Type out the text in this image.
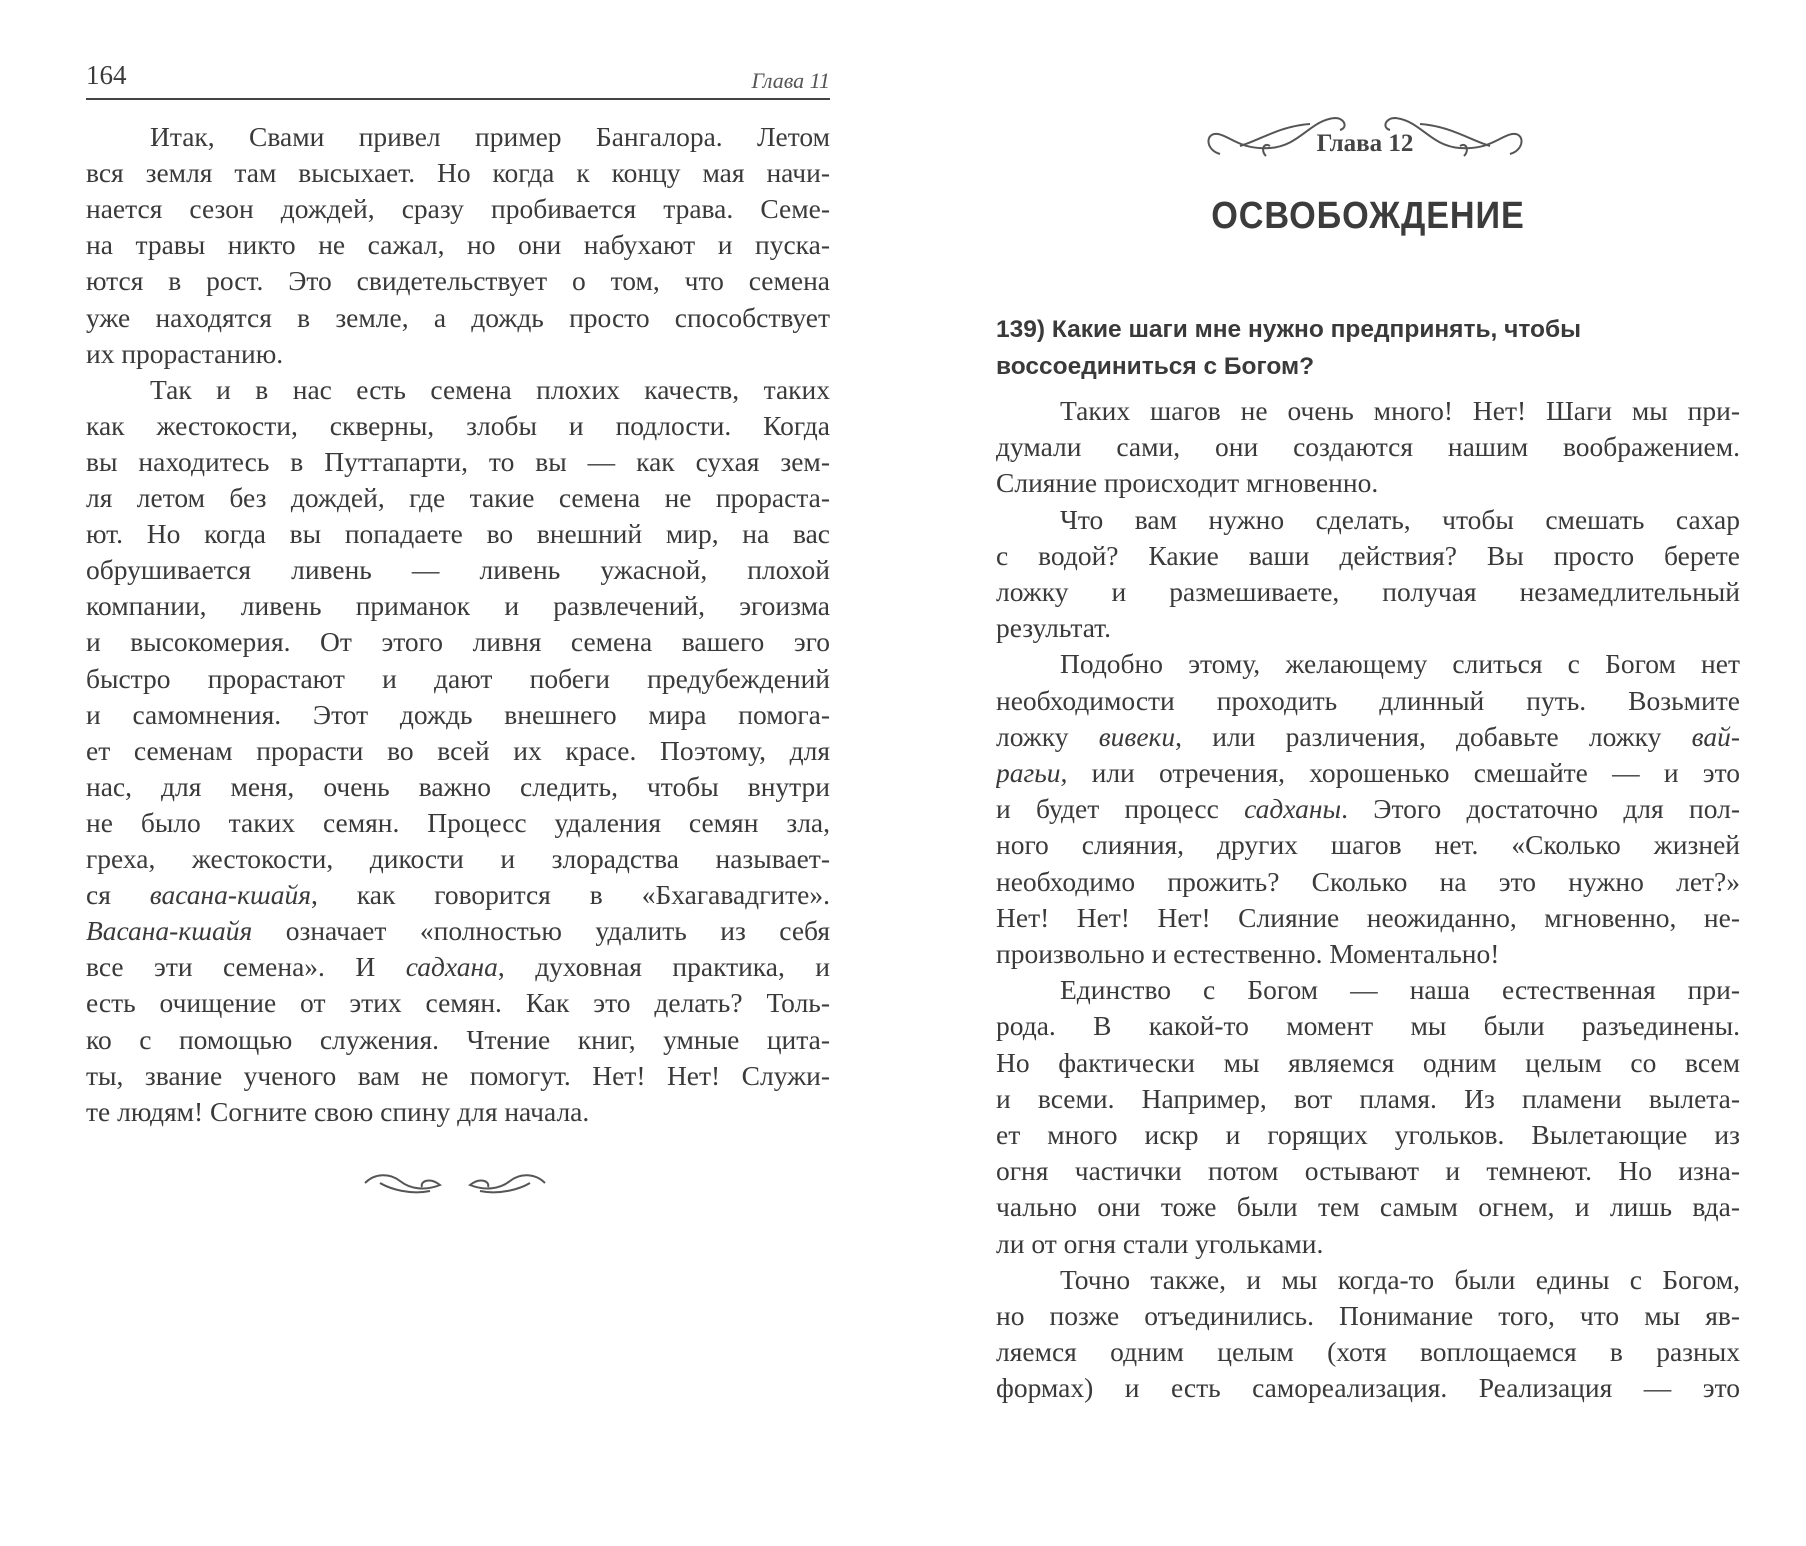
164	Глава 11
Итак, Свами привел пример Бангалора. Летом
вся земля там высыхает. Но когда к концу мая начи-
нается сезон дождей, сразу пробивается трава. Семе-
на травы никто не сажал, но они набухают и пуска-
ются в рост. Это свидетельствует о том, что семена
уже находятся в земле, а дождь просто способствует
их прорастанию.
Так и в нас есть семена плохих качеств, таких
как жестокости, скверны, злобы и подлости. Когда
вы находитесь в Путтапарти, то вы — как сухая зем-
ля летом без дождей, где такие семена не прораста-
ют. Но когда вы попадаете во внешний мир, на вас
обрушивается ливень — ливень ужасной, плохой
компании, ливень приманок и развлечений, эгоизма
и высокомерия. От этого ливня семена вашего эго
быстро прорастают и дают побеги предубеждений
и самомнения. Этот дождь внешнего мира помога-
ет семенам прорасти во всей их красе. Поэтому, для
нас, для меня, очень важно следить, чтобы внутри
не было таких семян. Процесс удаления семян зла,
греха, жестокости, дикости и злорадства называет-
ся васана-кшайя, как говорится в «Бхагавадгите».
Васана-кшайя означает «полностью удалить из себя
все эти семена». И садхана, духовная практика, и
есть очищение от этих семян. Как это делать? Толь-
ко с помощью служения. Чтение книг, умные цита-
ты, звание ученого вам не помогут. Нет! Нет! Служи-
те людям! Согните свою спину для начала.
Глава 12
ОСВОБОЖДЕНИЕ
139) Какие шаги мне нужно предпринять, чтобы
воссоединиться с Богом?
Таких шагов не очень много! Нет! Шаги мы при-
думали сами, они создаются нашим воображением.
Слияние происходит мгновенно.
Что вам нужно сделать, чтобы смешать сахар
с водой? Какие ваши действия? Вы просто берете
ложку и размешиваете, получая незамедлительный
результат.
Подобно этому, желающему слиться с Богом нет
необходимости проходить длинный путь. Возьмите
ложку вивеки, или различения, добавьте ложку вай-
рагьи, или отречения, хорошенько смешайте — и это
и будет процесс садханы. Этого достаточно для пол-
ного слияния, других шагов нет. «Сколько жизней
необходимо прожить? Сколько на это нужно лет?»
Нет! Нет! Нет! Слияние неожиданно, мгновенно, не-
произвольно и естественно. Моментально!
Единство с Богом — наша естественная при-
рода. В какой-то момент мы были разъединены.
Но фактически мы являемся одним целым со всем
и всеми. Например, вот пламя. Из пламени вылета-
ет много искр и горящих угольков. Вылетающие из
огня частички потом остывают и темнеют. Но изна-
чально они тоже были тем самым огнем, и лишь вда-
ли от огня стали угольками.
Точно также, и мы когда-то были едины с Богом,
но позже отъединились. Понимание того, что мы яв-
ляемся одним целым (хотя воплощаемся в разных
формах) и есть самореализация. Реализация — это
